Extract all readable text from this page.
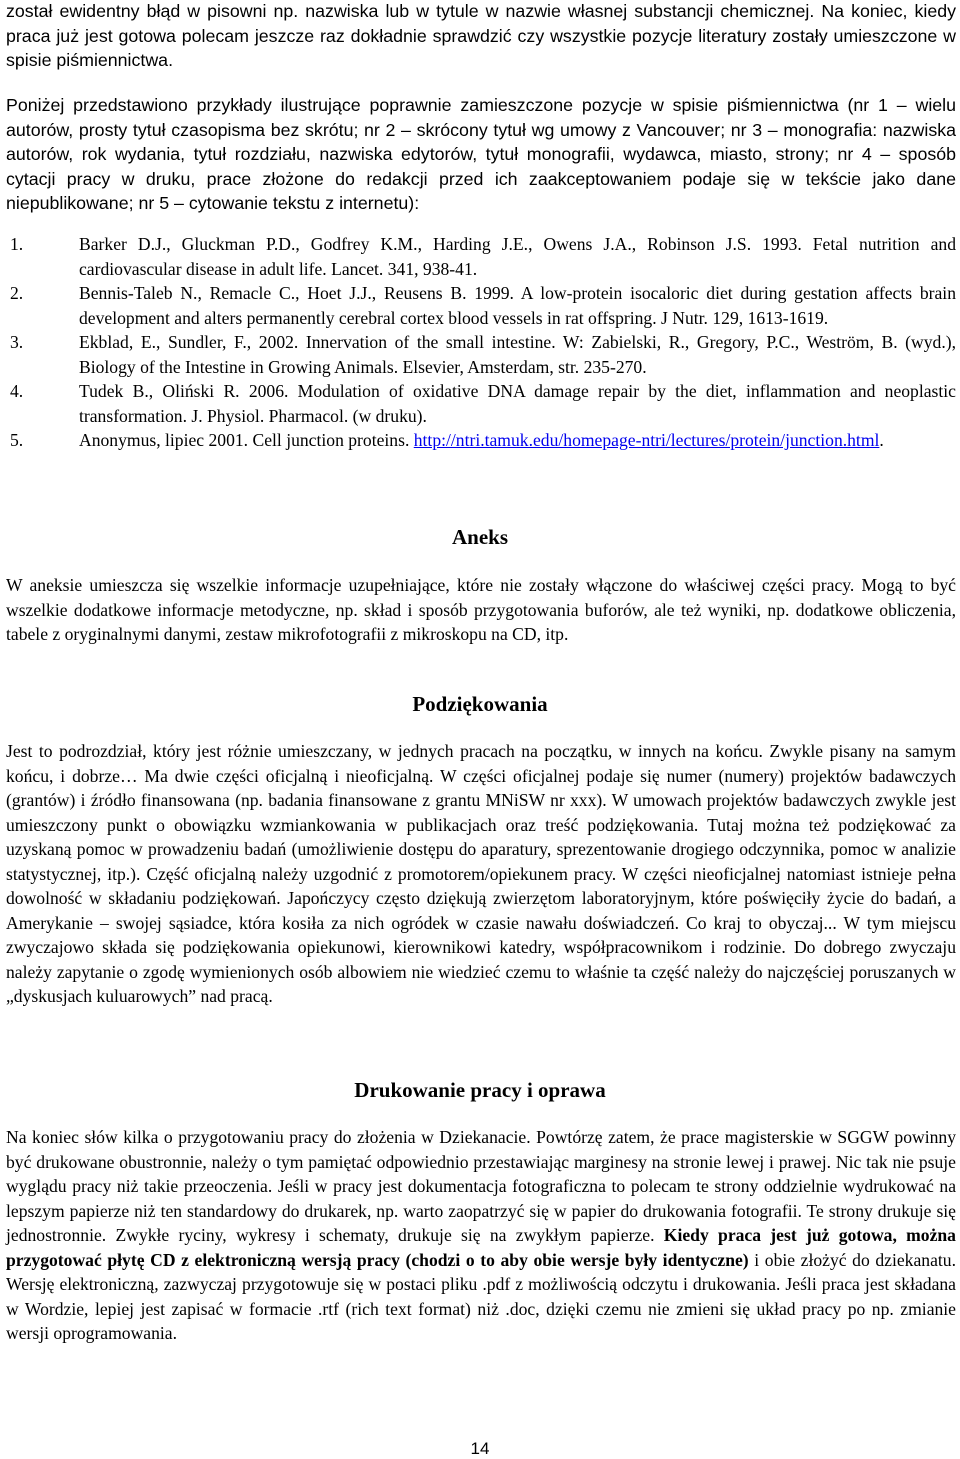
został ewidentny błąd w pisowni np. nazwiska lub w tytule w nazwie własnej substancji chemicznej. Na koniec, kiedy praca już jest gotowa polecam jeszcze raz dokładnie sprawdzić czy wszystkie pozycje literatury zostały umieszczone w spisie piśmiennictwa.

Poniżej przedstawiono przykłady ilustrujące poprawnie zamieszczone pozycje w spisie piśmiennictwa (nr 1 – wielu autorów, prosty tytuł czasopisma bez skrótu; nr 2 – skrócony tytuł wg umowy z Vancouver; nr 3 – monografia: nazwiska autorów, rok wydania, tytuł rozdziału, nazwiska edytorów, tytuł monografii, wydawca, miasto, strony; nr 4 – sposób cytacji pracy w druku, prace złożone do redakcji przed ich zaakceptowaniem podaje się w tekście jako dane niepublikowane; nr 5 – cytowanie tekstu z internetu):

1.	Barker D.J., Gluckman P.D., Godfrey K.M., Harding J.E., Owens J.A., Robinson J.S. 1993. Fetal nutrition and cardiovascular disease in adult life. Lancet. 341, 938-41.
2.	Bennis-Taleb N., Remacle C., Hoet J.J., Reusens B. 1999. A low-protein isocaloric diet during gestation affects brain development and alters permanently cerebral cortex blood vessels in rat offspring. J Nutr. 129, 1613-1619.
3.	Ekblad, E., Sundler, F., 2002. Innervation of the small intestine. W: Zabielski, R., Gregory, P.C., Weström, B. (wyd.), Biology of the Intestine in Growing Animals. Elsevier, Amsterdam, str. 235-270.
4.	Tudek B., Oliński R. 2006. Modulation of oxidative DNA damage repair by the diet, inflammation and neoplastic transformation. J. Physiol. Pharmacol. (w druku).
5.	Anonymus, lipiec 2001. Cell junction proteins. http://ntri.tamuk.edu/homepage-ntri/lectures/protein/junction.html.
Aneks

W aneksie umieszcza się wszelkie informacje uzupełniające, które nie zostały włączone do właściwej części pracy. Mogą to być wszelkie dodatkowe informacje metodyczne, np. skład i sposób przygotowania buforów, ale też wyniki, np. dodatkowe obliczenia, tabele z oryginalnymi danymi, zestaw mikrofotografii z mikroskopu na CD, itp.

Podziękowania

Jest to podrozdział, który jest różnie umieszczany, w jednych pracach na początku, w innych na końcu. Zwykle pisany na samym końcu, i dobrze… Ma dwie części oficjalną i nieoficjalną. W części oficjalnej podaje się numer (numery) projektów badawczych (grantów) i źródło finansowana (np. badania finansowane z grantu MNiSW nr xxx). W umowach projektów badawczych zwykle jest umieszczony punkt o obowiązku wzmiankowania w publikacjach oraz treść podziękowania. Tutaj można też podziękować za uzyskaną pomoc w prowadzeniu badań (umożliwienie dostępu do aparatury, sprezentowanie drogiego odczynnika, pomoc w analizie statystycznej, itp.). Część oficjalną należy uzgodnić z promotorem/opiekunem pracy. W części nieoficjalnej natomiast istnieje pełna dowolność w składaniu podziękowań. Japończycy często dziękują zwierzętom laboratoryjnym, które poświęciły życie do badań, a Amerykanie – swojej sąsiadce, która kosiła za nich ogródek w czasie nawału doświadczeń. Co kraj to obyczaj... W tym miejscu zwyczajowo składa się podziękowania opiekunowi, kierownikowi katedry, współpracownikom i rodzinie. Do dobrego zwyczaju należy zapytanie o zgodę wymienionych osób albowiem nie wiedzieć czemu to właśnie ta część należy do najczęściej poruszanych w „dyskusjach kuluarowych” nad pracą.

Drukowanie pracy i oprawa

Na koniec słów kilka o przygotowaniu pracy do złożenia w Dziekanacie. Powtórzę zatem, że prace magisterskie w SGGW powinny być drukowane obustronnie, należy o tym pamiętać odpowiednio przestawiając marginesy na stronie lewej i prawej. Nic tak nie psuje wyglądu pracy niż takie przeoczenia. Jeśli w pracy jest dokumentacja fotograficzna to polecam te strony oddzielnie wydrukować na lepszym papierze niż ten standardowy do drukarek, np. warto zaopatrzyć się w papier do drukowania fotografii. Te strony drukuje się jednostronnie. Zwykłe ryciny, wykresy i schematy, drukuje się na zwykłym papierze. Kiedy praca jest już gotowa, można przygotować płytę CD z elektroniczną wersją pracy (chodzi o to aby obie wersje były identyczne) i obie złożyć do dziekanatu. Wersję elektroniczną, zazwyczaj przygotowuje się w postaci pliku .pdf z możliwością odczytu i drukowania. Jeśli praca jest składana w Wordzie, lepiej jest zapisać w formacie .rtf (rich text format) niż .doc, dzięki czemu nie zmieni się układ pracy po np. zmianie wersji oprogramowania.

14
